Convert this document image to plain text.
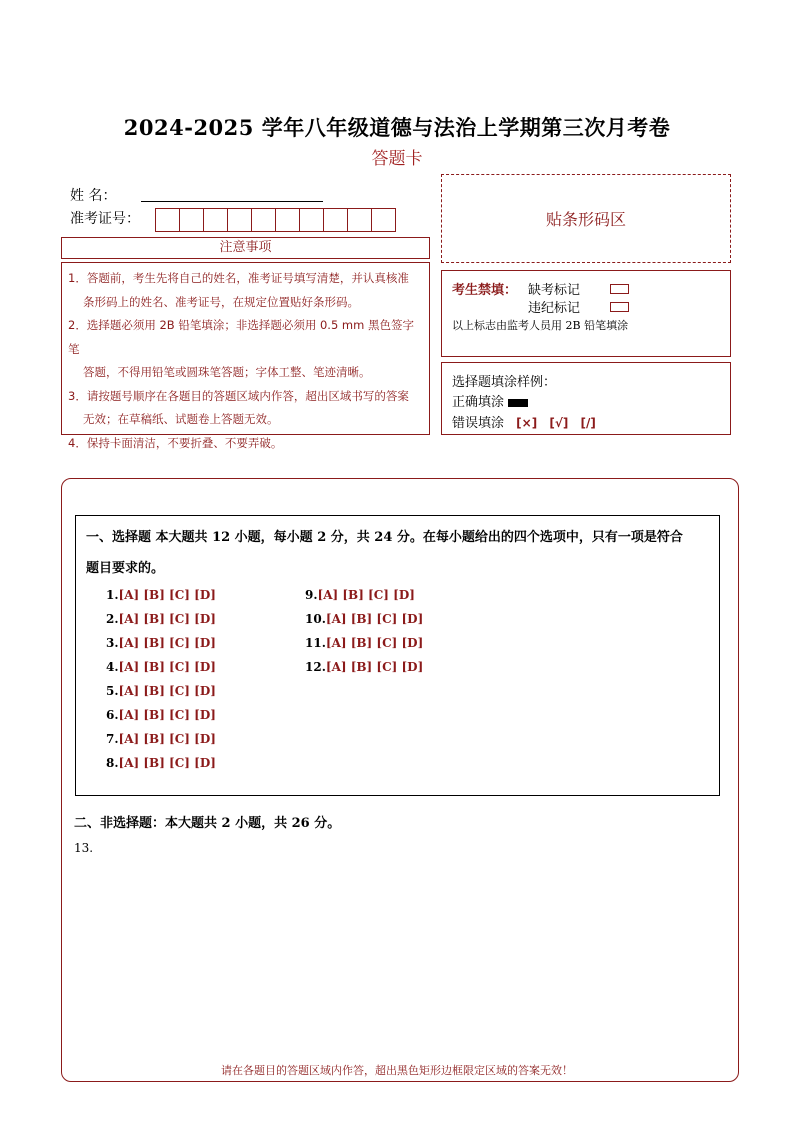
2024-2025 学年八年级道德与法治上学期第三次月考卷
答题卡
姓 名：
准考证号：	贴条形码区
注意事项
1．答题前，考生先将自己的姓名，准考证号填写清楚，并认真核准
条形码上的姓名、准考证号，在规定位置贴好条形码。
2．选择题必须用 2B 铅笔填涂；非选择题必须用 0.5 mm 黑色签字笔
答题，不得用铅笔或圆珠笔答题；字体工整、笔迹清晰。
3．请按题号顺序在各题目的答题区域内作答，超出区域书写的答案
无效；在草稿纸、试题卷上答题无效。
4．保持卡面清洁，不要折叠、不要弄破。
考生禁填： 缺考标记
违纪标记
以上标志由监考人员用 2B 铅笔填涂
选择题填涂样例：
正确填涂
错误填涂 [×] [√] [/]
一、选择题 本大题共 12 小题，每小题 2 分，共 24 分。在每小题给出的四个选项中，只有一项是符合
题目要求的。
1.[A] [B] [C] [D]
2.[A] [B] [C] [D]
3.[A] [B] [C] [D]
4.[A] [B] [C] [D]
5.[A] [B] [C] [D]
6.[A] [B] [C] [D]
7.[A] [B] [C] [D]
8.[A] [B] [C] [D]
9.[A] [B] [C] [D]
10.[A] [B] [C] [D]
11.[A] [B] [C] [D]
12.[A] [B] [C] [D]
二、非选择题：本大题共 2 小题，共 26 分。
13.
请在各题目的答题区域内作答，超出黑色矩形边框限定区域的答案无效！
